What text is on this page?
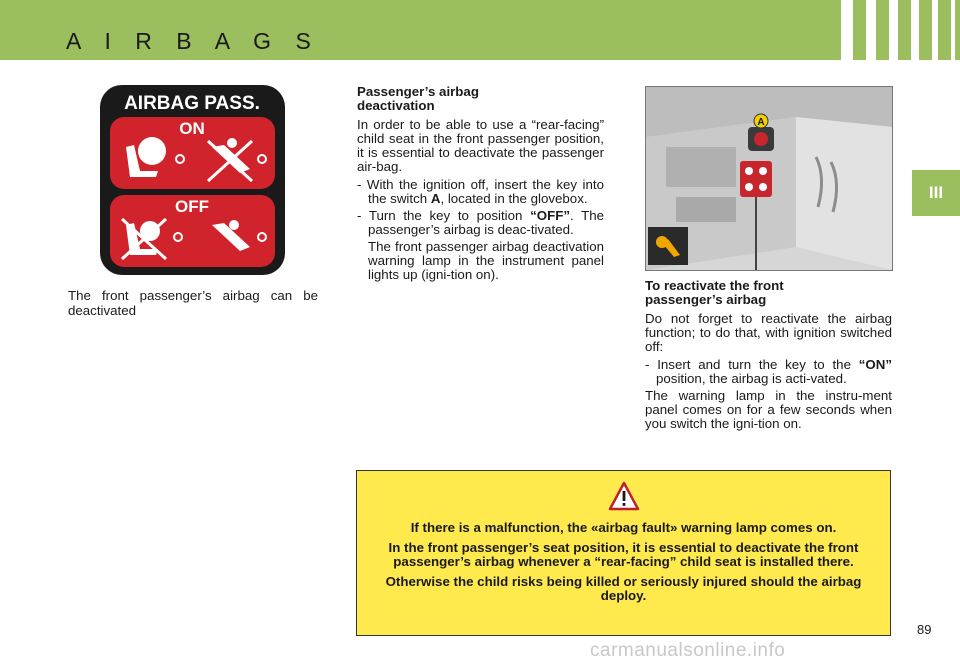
A I R B A G S
III
AIRBAG PASS.
ON
OFF
The front passenger’s airbag can be deactivated

Passenger’s airbag
deactivation

In order to be able to use a “rear-facing” child seat in the front passenger position, it is essential to deactivate the passenger air-bag.

- With the ignition off, insert the key into the switch A, located in the glovebox.

- Turn the key to position “OFF”. The passenger’s airbag is deac-tivated.

The front passenger airbag deactivation warning lamp in the instrument panel lights up (igni-tion on).

A

To reactivate the front
passenger’s airbag

Do not forget to reactivate the airbag function; to do that, with ignition switched off:

- Insert and turn the key to the “ON” position, the airbag is acti-vated.

The warning lamp in the instru-ment panel comes on for a few seconds when you switch the igni-tion on.

If there is a malfunction, the «airbag fault» warning lamp comes on.

In the front passenger’s seat position, it is essential to deactivate the front passenger’s airbag whenever a “rear-facing” child seat is installed there.

Otherwise the child risks being killed or seriously injured should the airbag deploy.

89
carmanualsonline.info
